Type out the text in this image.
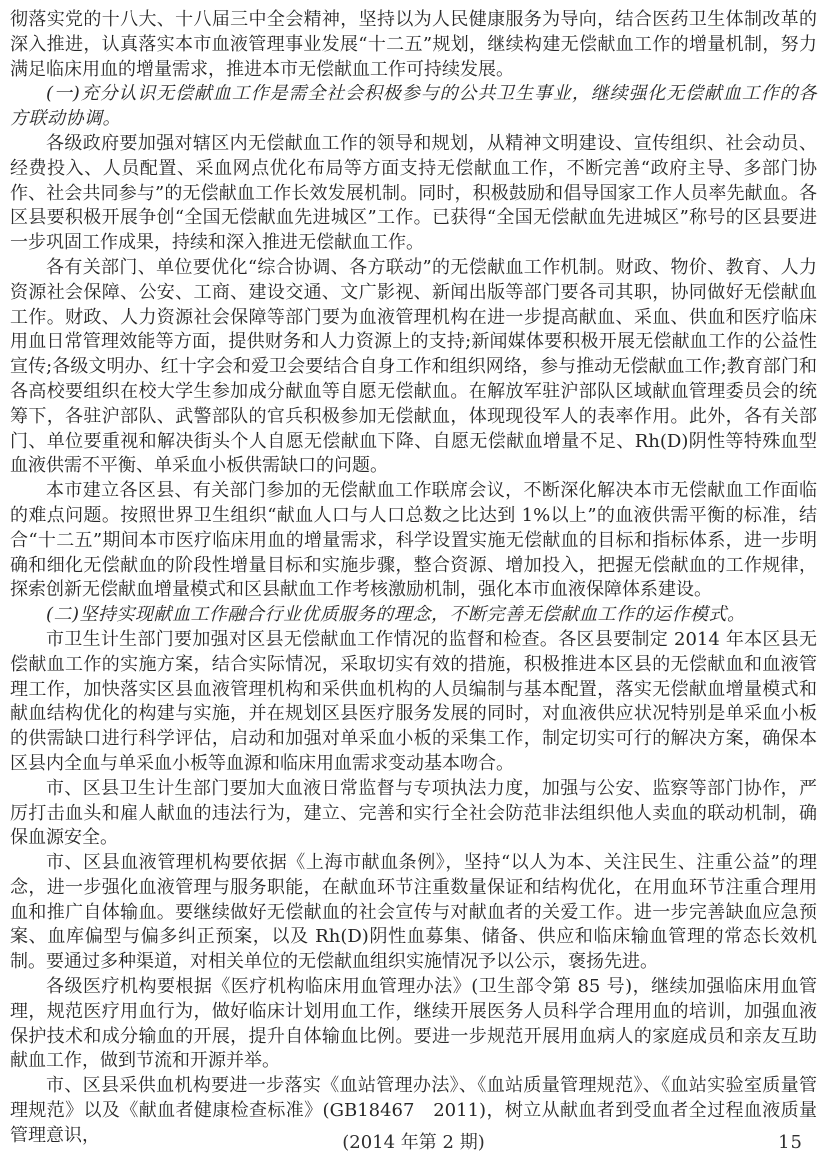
彻落实党的十八大、十八届三中全会精神，坚持以为人民健康服务为导向，结合医药卫生体制改革的深入推进，认真落实本市血液管理事业发展“十二五”规划，继续构建无偿献血工作的增量机制，努力满足临床用血的增量需求，推进本市无偿献血工作可持续发展。

(一)充分认识无偿献血工作是需全社会积极参与的公共卫生事业，继续强化无偿献血工作的各方联动协调。

各级政府要加强对辖区内无偿献血工作的领导和规划，从精神文明建设、宣传组织、社会动员、经费投入、人员配置、采血网点优化布局等方面支持无偿献血工作，不断完善“政府主导、多部门协作、社会共同参与”的无偿献血工作长效发展机制。同时，积极鼓励和倡导国家工作人员率先献血。各区县要积极开展争创“全国无偿献血先进城区”工作。已获得“全国无偿献血先进城区”称号的区县要进一步巩固工作成果，持续和深入推进无偿献血工作。

各有关部门、单位要优化“综合协调、各方联动”的无偿献血工作机制。财政、物价、教育、人力资源社会保障、公安、工商、建设交通、文广影视、新闻出版等部门要各司其职，协同做好无偿献血工作。财政、人力资源社会保障等部门要为血液管理机构在进一步提高献血、采血、供血和医疗临床用血日常管理效能等方面，提供财务和人力资源上的支持;新闻媒体要积极开展无偿献血工作的公益性宣传;各级文明办、红十字会和爱卫会要结合自身工作和组织网络，参与推动无偿献血工作;教育部门和各高校要组织在校大学生参加成分献血等自愿无偿献血。在解放军驻沪部队区域献血管理委员会的统筹下，各驻沪部队、武警部队的官兵积极参加无偿献血，体现现役军人的表率作用。此外，各有关部门、单位要重视和解决街头个人自愿无偿献血下降、自愿无偿献血增量不足、Rh(D)阴性等特殊血型血液供需不平衡、单采血小板供需缺口的问题。

本市建立各区县、有关部门参加的无偿献血工作联席会议，不断深化解决本市无偿献血工作面临的难点问题。按照世界卫生组织“献血人口与人口总数之比达到 1%以上”的血液供需平衡的标准，结合“十二五”期间本市医疗临床用血的增量需求，科学设置实施无偿献血的目标和指标体系，进一步明确和细化无偿献血的阶段性增量目标和实施步骤，整合资源、增加投入，把握无偿献血的工作规律，探索创新无偿献血增量模式和区县献血工作考核激励机制，强化本市血液保障体系建设。

(二)坚持实现献血工作融合行业优质服务的理念，不断完善无偿献血工作的运作模式。

市卫生计生部门要加强对区县无偿献血工作情况的监督和检查。各区县要制定 2014 年本区县无偿献血工作的实施方案，结合实际情况，采取切实有效的措施，积极推进本区县的无偿献血和血液管理工作，加快落实区县血液管理机构和采供血机构的人员编制与基本配置，落实无偿献血增量模式和献血结构优化的构建与实施，并在规划区县医疗服务发展的同时，对血液供应状况特别是单采血小板的供需缺口进行科学评估，启动和加强对单采血小板的采集工作，制定切实可行的解决方案，确保本区县内全血与单采血小板等血源和临床用血需求变动基本吻合。

市、区县卫生计生部门要加大血液日常监督与专项执法力度，加强与公安、监察等部门协作，严厉打击血头和雇人献血的违法行为，建立、完善和实行全社会防范非法组织他人卖血的联动机制，确保血源安全。

市、区县血液管理机构要依据《上海市献血条例》，坚持“以人为本、关注民生、注重公益”的理念，进一步强化血液管理与服务职能，在献血环节注重数量保证和结构优化，在用血环节注重合理用血和推广自体输血。要继续做好无偿献血的社会宣传与对献血者的关爱工作。进一步完善缺血应急预案、血库偏型与偏多纠正预案，以及 Rh(D)阴性血募集、储备、供应和临床输血管理的常态长效机制。要通过多种渠道，对相关单位的无偿献血组织实施情况予以公示，褒扬先进。

各级医疗机构要根据《医疗机构临床用血管理办法》(卫生部令第 85 号)，继续加强临床用血管理，规范医疗用血行为，做好临床计划用血工作，继续开展医务人员科学合理用血的培训，加强血液保护技术和成分输血的开展，提升自体输血比例。要进一步规范开展用血病人的家庭成员和亲友互助献血工作，做到节流和开源并举。

市、区县采供血机构要进一步落实《血站管理办法》、《血站质量管理规范》、《血站实验室质量管理规范》以及《献血者健康检查标准》(GB18467　2011)，树立从献血者到受血者全过程血液质量管理意识，	(2014 年第 2 期)	15
